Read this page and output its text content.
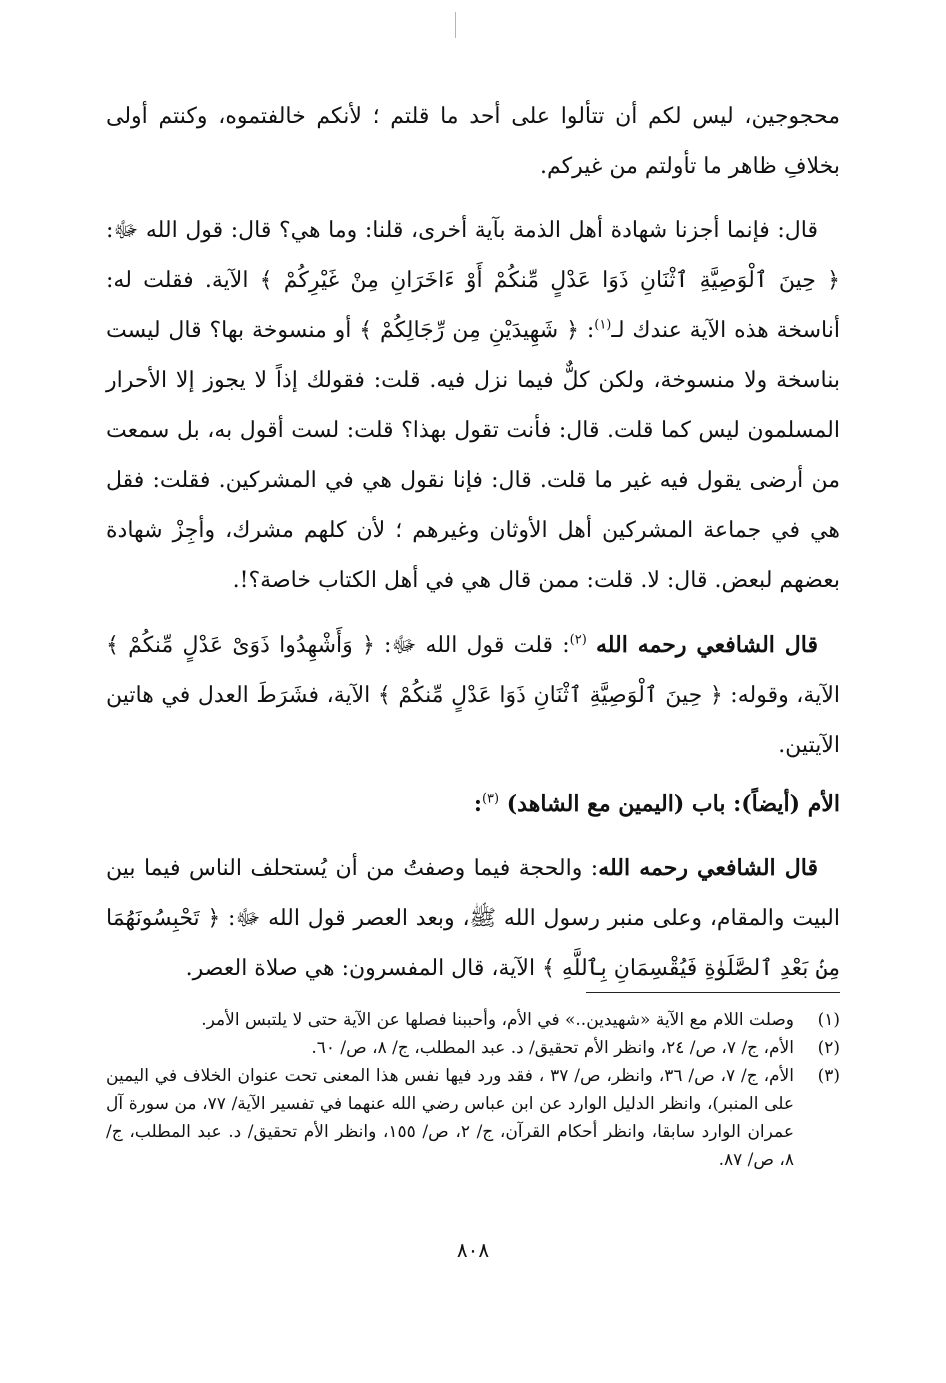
محجوجين، ليس لكم أن تتألوا على أحد ما قلتم ؛ لأنكم خالفتموه، وكنتم أولى بخلافِ ظاهر ما تأولتم من غيركم.

قال: فإنما أجزنا شهادة أهل الذمة بآية أخرى، قلنا: وما هي؟ قال: قول الله ﷻ: ﴿ حِينَ ٱلْوَصِيَّةِ ٱثْنَانِ ذَوَا عَدْلٍ مِّنكُمْ أَوْ ءَاخَرَانِ مِنْ غَيْرِكُمْ ﴾ الآية. فقلت له: أناسخة هذه الآية عندك لـ$^{(١)}$: ﴿ شَهِيدَيْنِ مِن رِّجَالِكُمْ ﴾ أو منسوخة بها؟ قال ليست بناسخة ولا منسوخة، ولكن كلٌّ فيما نزل فيه. قلت: فقولك إذاً لا يجوز إلا الأحرار المسلمون ليس كما قلت. قال: فأنت تقول بهذا؟ قلت: لست أقول به، بل سمعت من أرضى يقول فيه غير ما قلت. قال: فإنا نقول هي في المشركين. فقلت: فقل هي في جماعة المشركين أهل الأوثان وغيرهم ؛ لأن كلهم مشرك، وأجِزْ شهادة بعضهم لبعض. قال: لا. قلت: ممن قال هي في أهل الكتاب خاصة؟!.

قال الشافعي رحمه الله $^{(٢)}$: قلت قول الله ﷻ: ﴿ وَأَشْهِدُوا ذَوَىْ عَدْلٍ مِّنكُمْ ﴾ الآية، وقوله: ﴿ حِينَ ٱلْوَصِيَّةِ ٱثْنَانِ ذَوَا عَدْلٍ مِّنكُمْ ﴾ الآية، فشَرَطَ العدل في هاتين الآيتين.

الأم (أيضاً): باب (اليمين مع الشاهد) $^{(٣)}$:

قال الشافعي رحمه الله: والحجة فيما وصفتُ من أن يُستحلف الناس فيما بين البيت والمقام، وعلى منبر رسول الله ﷺ، وبعد العصر قول الله ﷻ: ﴿ تَحْبِسُونَهُمَا مِنۢ بَعْدِ ٱلصَّلَوٰةِ فَيُقْسِمَانِ بِٱللَّهِ ﴾ الآية، قال المفسرون: هي صلاة العصر.

(١)
وصلت اللام مع الآية «شهيدين..» في الأم، وأحببنا فصلها عن الآية حتى لا يلتبس الأمر.
(٢)
الأم، ج/ ٧، ص/ ٢٤، وانظر الأم تحقيق/ د. عبد المطلب، ج/ ٨، ص/ ٦٠.
(٣)
الأم، ج/ ٧، ص/ ٣٦، وانظر، ص/ ٣٧ ، فقد ورد فيها نفس هذا المعنى تحت عنوان الخلاف في اليمين على المنبر)، وانظر الدليل الوارد عن ابن عباس رضي الله عنهما في تفسير الآية/ ٧٧، من سورة آل عمران الوارد سابقا، وانظر أحكام القرآن، ج/ ٢، ص/ ١٥٥، وانظر الأم تحقيق/ د. عبد المطلب، ج/ ٨، ص/ ٨٧.
٨٠٨
